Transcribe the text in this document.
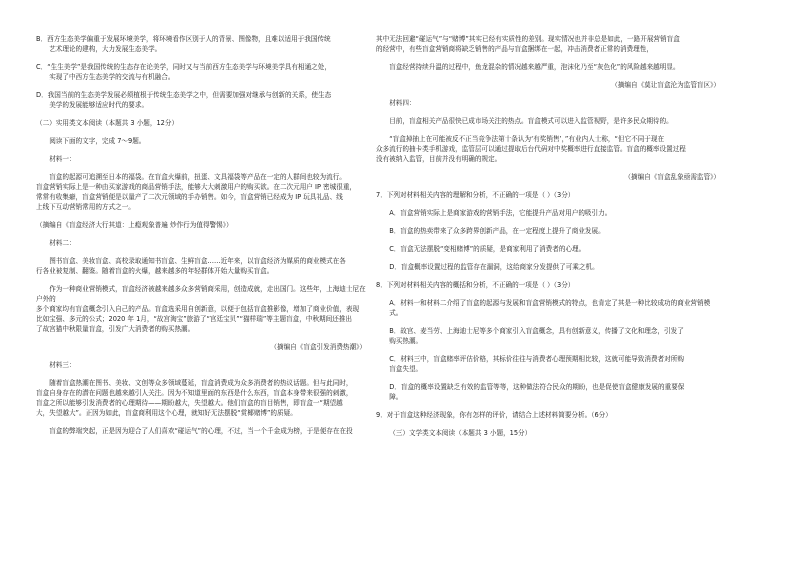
B．西方生态美学偏重于发展环境美学，将环境看作区别于人的背景、图像物，且难以适用于我国传统

艺术理论的建构，大力发展生态美学。

C．“生生美学”是我国传统的生态存在论美学，同时又与当前西方生态美学与环境美学具有相通之处，

实现了中西方生态美学的交流与有机融合。

D．我国当前的生态美学发展必须植根于传统生态美学之中，但需要加强对继承与创新的关系，使生态

美学的发展能够适应时代的要求。

（二）实用类文本阅读（本题共 3 小题，12分）

阅读下面的文字，完成 7～9题。

材料一：

盲盒的起源可追溯至日本的福袋。在盲盒火爆前，扭蛋、文具福袋等产品在一定的人群间也较为流行。

盲盒营销实际上是一种由买家游戏的商品营销手法，能够大大刺激用户的购买欲。在二次元用户 IP 密城很重，

常常有收集癖，盲盒营销便是以量产了二次元领域的手办销售。如今，盲盒营销已经成为 IP 玩具礼品、线

上线下互动营销常用的方式之一。

（摘编自《盲盒经济大行其道：上瘾观象普遍 炒作行为值得警惕》）

材料二：

图书盲盒、美妆盲盒、高校录取通知书盲盒、生鲜盲盒……近年来，以盲盒经济为媒质的商业模式在各

行各业被复制、翻鉴。随着盲盒的火爆，越来越多的年轻群体开始大量购买盲盒。

作为一种商业营销模式，盲盒经济被越来越多众多营销商采用，创造成就，走出国门。这些年，上海迪士尼在户外的

多个商家均有盲盒概念引入自己的产品。盲盒选采用自创新意，以便于包括盲盒推影像，增加了商业价值，表现

比如宝强、多元的公式；2020 年 1月，“故宫淘宝”旅游了“宫廷宝贝”“猫样瑞”等主题盲盒，中秋期间还推出

了故宫猫中秋限量盲盒，引发广大消费者的购买热潮。

（摘编自《盲盒引发消费热潮》）

材料三：

随着盲盒热潮在图书、美妆、文创等众多领域蔓延，盲盒消费成为众多消费者的热议话题。但与此同时，

盲盒自身存在的潜在问题也越来越引人关注。因为不知道里面的东西是什么东西，盲盒本身带来很强的刺激，

盲盒之所以能够引发消费者的心理期待——期盼越大，失望越大。他们盲盒的盲目销售，即盲盒一“期望越

大，失望越大”。正因为如此，盲盒商利用这个心理，就知好无法摆脱“赏椰赌博”的质疑。

盲盒的弊端突起，正是因为迎合了人们喜欢“碰运气”的心理，不过，当一个千金成为榜，于是便存在在投

其中无法回避“碰运气”与“赌博”其实已经有实质性的差别。现实情况也并非总是如此，一路开展营销盲盒

的经营中，有些盲盒营销商将缺乏销售的产品与盲盒捆绑在一起，冲击消费者正常的消费理性，

盲盒经营持续升温的过程中，鱼龙混杂的情况越来越严重，泡沫化乃至“灰色化”的风险越来越明显。

（摘编自《莫让盲盒沦为监管盲区》）

材料四：

目前，盲盒相关产品很快已成市场关注的热点。盲盒模式可以进入监管视野，是许多民众期待的。

“盲盒掉抽上在可能被反不正当竞争法第十条认为‘有奖销售’，”有业内人士称，“但它不同于现在

众多流行的抽卡类手机游戏，监管层可以通过提取后台代码对中奖概率进行直接监管。盲盒的概率设置过程

没有被纳入监管，目前并没有明确的规定。

（摘编自《盲盒乱象亟需监管》）

7．下列对材料相关内容的理解和分析，不正确的一项是（ ）（3分）

A．盲盒营销实际上是商家游戏的营销手法，它能提升产品对用户的吸引力。

B．盲盒的热卖带来了众多跨界创新产品，在一定程度上提升了商业发展。

C．盲盒无法摆脱“变相赌博”的质疑，是商家利用了消费者的心理。

D．盲盒概率设置过程的监管存在漏洞，这给商家分发提供了可乘之机。

8．下列对材料相关内容的概括和分析，不正确的一项是（ ）（3分）

A．材料一和材料二介绍了盲盒的起源与发展和盲盒营销模式的特点，也肯定了其是一种比较成功的商业营销模

式。

B．故宫、麦当劳、上海迪士尼等多个商家引入盲盒概念，具有创新意义，传播了文化和理念，引发了

购买热潮。

C．材料三中，盲盒赌率评估价格，其标价往往与消费者心理预期相比较，这就可能导致消费者对所购

盲盒失望。

D．盲盒的概率设置缺乏有效的监管等等，这种做法符合民众的期盼，也是促使盲盒健康发展的重要保

障。

9．对于盲盒这种经济现象，你有怎样的评价，请结合上述材料简要分析。（6分）

（三）文学类文本阅读（本题共 3 小题，15分）
